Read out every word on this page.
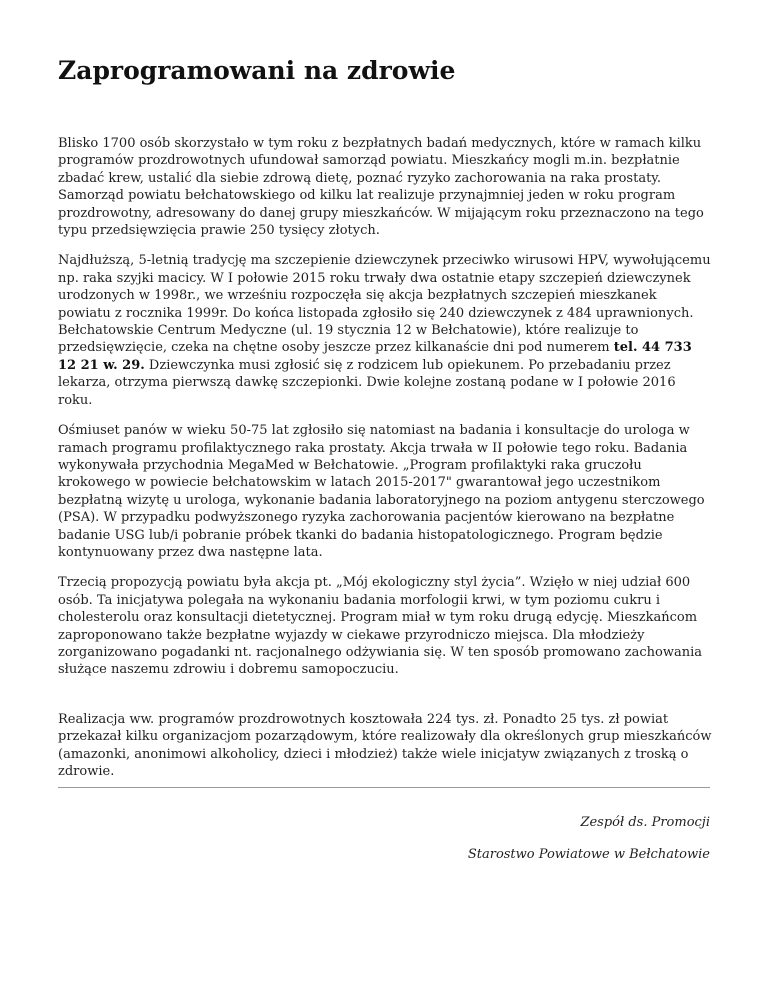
Zaprogramowani na zdrowie

Blisko 1700 osób skorzystało w tym roku z bezpłatnych badań medycznych, które w ramach kilku programów prozdrowotnych ufundował samorząd powiatu. Mieszkańcy mogli m.in. bezpłatnie zbadać krew, ustalić dla siebie zdrową dietę, poznać ryzyko zachorowania na raka prostaty. Samorząd powiatu bełchatowskiego od kilku lat realizuje przynajmniej jeden w roku program prozdrowotny, adresowany do danej grupy mieszkańców. W mijającym roku przeznaczono na tego typu przedsięwzięcia prawie 250 tysięcy złotych.

Najdłuższą, 5-letnią tradycję ma szczepienie dziewczynek przeciwko wirusowi HPV, wywołującemu np. raka szyjki macicy. W I połowie 2015 roku trwały dwa ostatnie etapy szczepień dziewczynek urodzonych w 1998r., we wrześniu rozpoczęła się akcja bezpłatnych szczepień mieszkanek powiatu z rocznika 1999r. Do końca listopada zgłosiło się 240 dziewczynek z 484 uprawnionych. Bełchatowskie Centrum Medyczne (ul. 19 stycznia 12 w Bełchatowie), które realizuje to przedsięwzięcie, czeka na chętne osoby jeszcze przez kilkanaście dni pod numerem tel. 44 733 12 21 w. 29. Dziewczynka musi zgłosić się z rodzicem lub opiekunem. Po przebadaniu przez lekarza, otrzyma pierwszą dawkę szczepionki. Dwie kolejne zostaną podane w I połowie 2016 roku.

Ośmiuset panów w wieku 50-75 lat zgłosiło się natomiast na badania i konsultacje do urologa w ramach programu profilaktycznego raka prostaty. Akcja trwała w II połowie tego roku. Badania wykonywała przychodnia MegaMed w Bełchatowie. „Program profilaktyki raka gruczołu krokowego w powiecie bełchatowskim w latach 2015-2017" gwarantował jego uczestnikom bezpłatną wizytę u urologa, wykonanie badania laboratoryjnego na poziom antygenu sterczowego (PSA). W przypadku podwyższonego ryzyka zachorowania pacjentów kierowano na bezpłatne badanie USG lub/i pobranie próbek tkanki do badania histopatologicznego. Program będzie kontynuowany przez dwa następne lata.

Trzecią propozycją powiatu była akcja pt. „Mój ekologiczny styl życia”. Wzięło w niej udział 600 osób. Ta inicjatywa polegała na wykonaniu badania morfologii krwi, w tym poziomu cukru i cholesterolu oraz konsultacji dietetycznej. Program miał w tym roku drugą edycję. Mieszkańcom zaproponowano także bezpłatne wyjazdy w ciekawe przyrodniczo miejsca. Dla młodzieży zorganizowano pogadanki nt. racjonalnego odżywiania się. W ten sposób promowano zachowania służące naszemu zdrowiu i dobremu samopoczuciu.

Realizacja ww. programów prozdrowotnych kosztowała 224 tys. zł. Ponadto 25 tys. zł powiat przekazał kilku organizacjom pozarządowym, które realizowały dla określonych grup mieszkańców (amazonki, anonimowi alkoholicy, dzieci i młodzież) także wiele inicjatyw związanych z troską o zdrowie.

Zespół ds. Promocji
Starostwo Powiatowe w Bełchatowie
